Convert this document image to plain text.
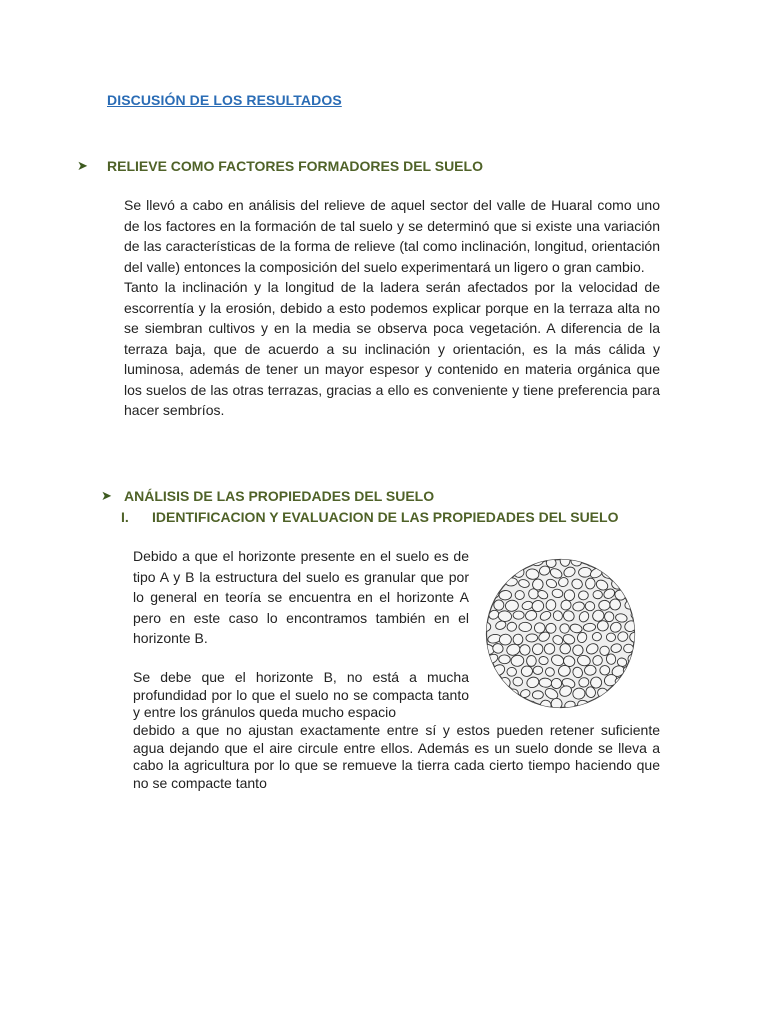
DISCUSIÓN DE LOS RESULTADOS
➤	RELIEVE COMO FACTORES FORMADORES DEL SUELO

Se llevó a cabo en análisis del relieve de aquel sector del valle de Huaral como uno de los factores en la formación de tal suelo y se determinó que si existe una variación de las características de la forma de relieve (tal como inclinación, longitud, orientación del valle) entonces la composición del suelo experimentará un ligero o gran cambio.

Tanto la inclinación y la longitud de la ladera serán afectados por la velocidad de escorrentía y la erosión, debido a esto podemos explicar porque en la terraza alta no se siembran cultivos y en la media se observa poca vegetación. A diferencia de la terraza baja, que de acuerdo a su inclinación y orientación, es la más cálida y luminosa, además de tener un mayor espesor y contenido en materia orgánica que los suelos de las otras terrazas, gracias a ello es conveniente y tiene preferencia para hacer sembríos.

➤ ANÁLISIS DE LAS PROPIEDADES DEL SUELO
I.	IDENTIFICACION Y EVALUACION DE LAS PROPIEDADES DEL SUELO
Debido a que el horizonte presente en el suelo es de tipo A y B la estructura del suelo es granular que por lo general en teoría se encuentra en el horizonte A pero en este caso lo encontramos también en el horizonte B.
Se debe que el horizonte B, no está a mucha profundidad por lo que el suelo no se compacta tanto y entre los gránulos queda mucho espacio
debido a que no ajustan exactamente entre sí y estos pueden retener suficiente agua dejando que el aire circule entre ellos. Además es un suelo donde se lleva a cabo la agricultura por lo que se remueve la tierra cada cierto tiempo haciendo que no se compacte tanto
